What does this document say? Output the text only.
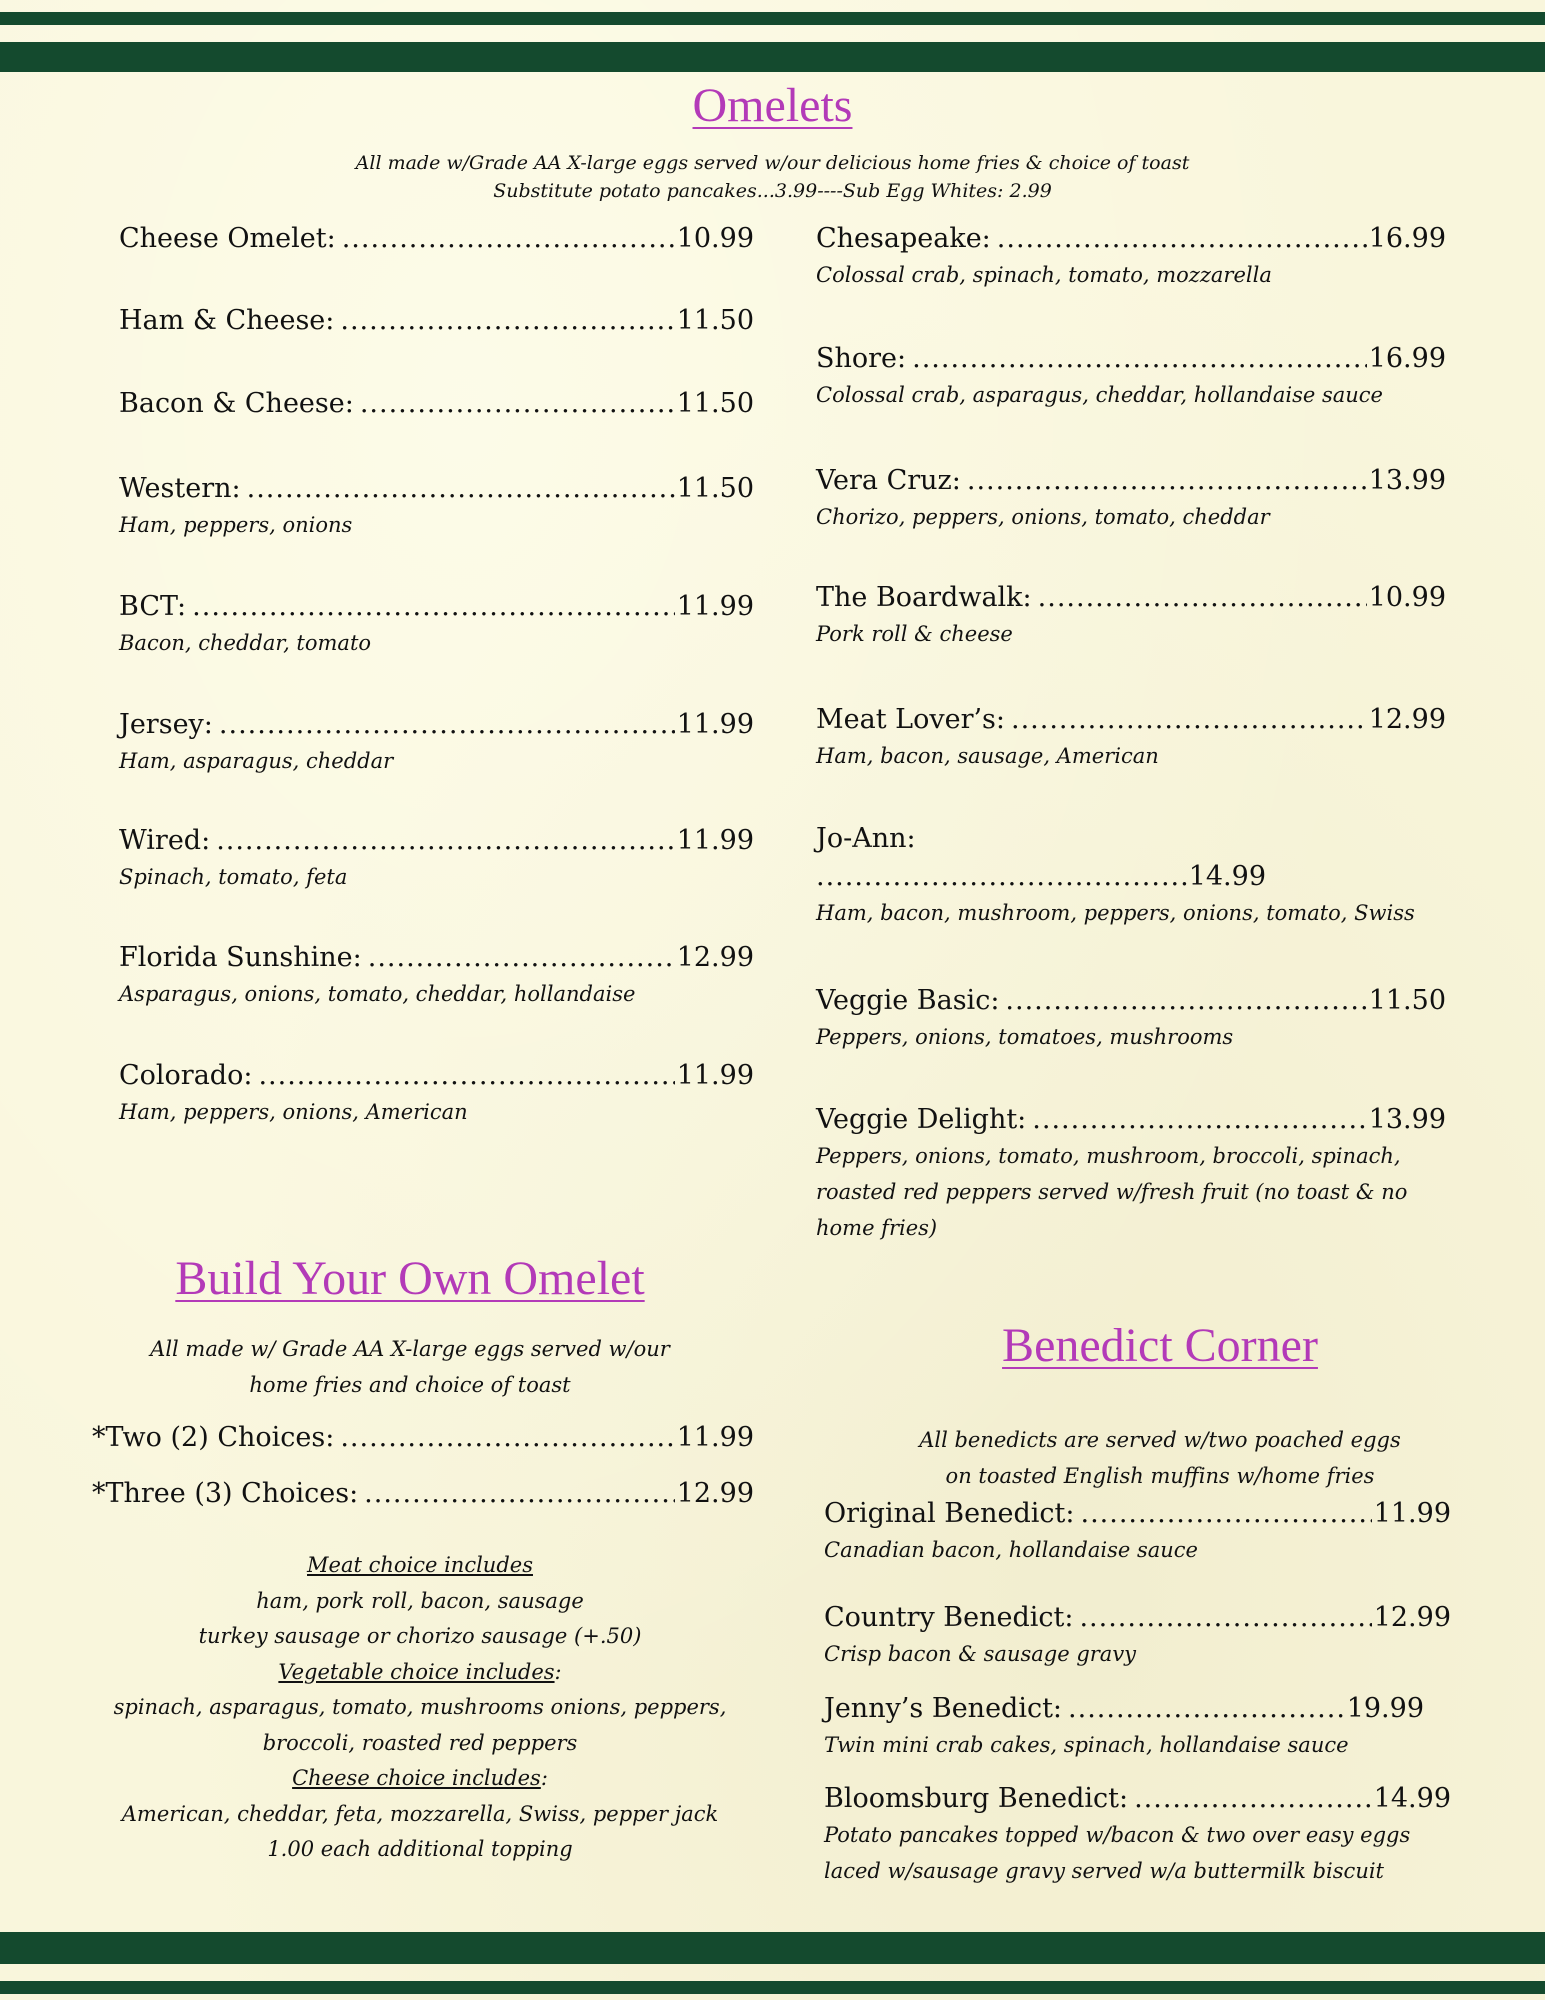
Omelets
All made w/Grade AA X-large eggs served w/our delicious home fries & choice of toast
Substitute potato pancakes...3.99----Sub Egg Whites: 2.99
Cheese Omelet: .....	10.99
Ham & Cheese: .....	11.50
Bacon & Cheese: .....	11.50
Western: .....	11.50
Ham, peppers, onions
BCT: .....	11.99
Bacon, cheddar, tomato
Jersey: .....	11.99
Ham, asparagus, cheddar
Wired: .....	11.99
Spinach, tomato, feta
Florida Sunshine: .....	12.99
Asparagus, onions, tomato, cheddar, hollandaise
Colorado: .....	11.99
Ham, peppers, onions, American
Chesapeake: .....	16.99
Colossal crab, spinach, tomato, mozzarella
Shore: .....	16.99
Colossal crab, asparagus, cheddar, hollandaise sauce
Vera Cruz: .....	13.99
Chorizo, peppers, onions, tomato, cheddar
The Boardwalk: .....	10.99
Pork roll & cheese
Meat Lover’s: .....	12.99
Ham, bacon, sausage, American
Jo-Ann:
.....
14.99
Ham, bacon, mushroom, peppers, onions, tomato, Swiss
Veggie Basic: .....	11.50
Peppers, onions, tomatoes, mushrooms
Veggie Delight: .....	13.99
Peppers, onions, tomato, mushroom, broccoli, spinach, roasted red peppers served w/fresh fruit (no toast & no home fries)
Build Your Own Omelet
All made w/ Grade AA X-large eggs served w/our
home fries and choice of toast
*Two (2) Choices: .....	11.99
*Three (3) Choices: .....	12.99
Meat choice includes
ham, pork roll, bacon, sausage
turkey sausage or chorizo sausage (+.50)
Vegetable choice includes:
spinach, asparagus, tomato, mushrooms onions, peppers,
broccoli, roasted red peppers
Cheese choice includes:
American, cheddar, feta, mozzarella, Swiss, pepper jack
1.00 each additional topping
Benedict Corner
All benedicts are served w/two poached eggs
on toasted English muffins w/home fries
Original Benedict: .....	11.99
Canadian bacon, hollandaise sauce
Country Benedict: .....	12.99
Crisp bacon & sausage gravy
Jenny’s Benedict: .....	19.99
Twin mini crab cakes, spinach, hollandaise sauce
Bloomsburg Benedict: .....	14.99
Potato pancakes topped w/bacon & two over easy eggs laced w/sausage gravy served w/a buttermilk biscuit
